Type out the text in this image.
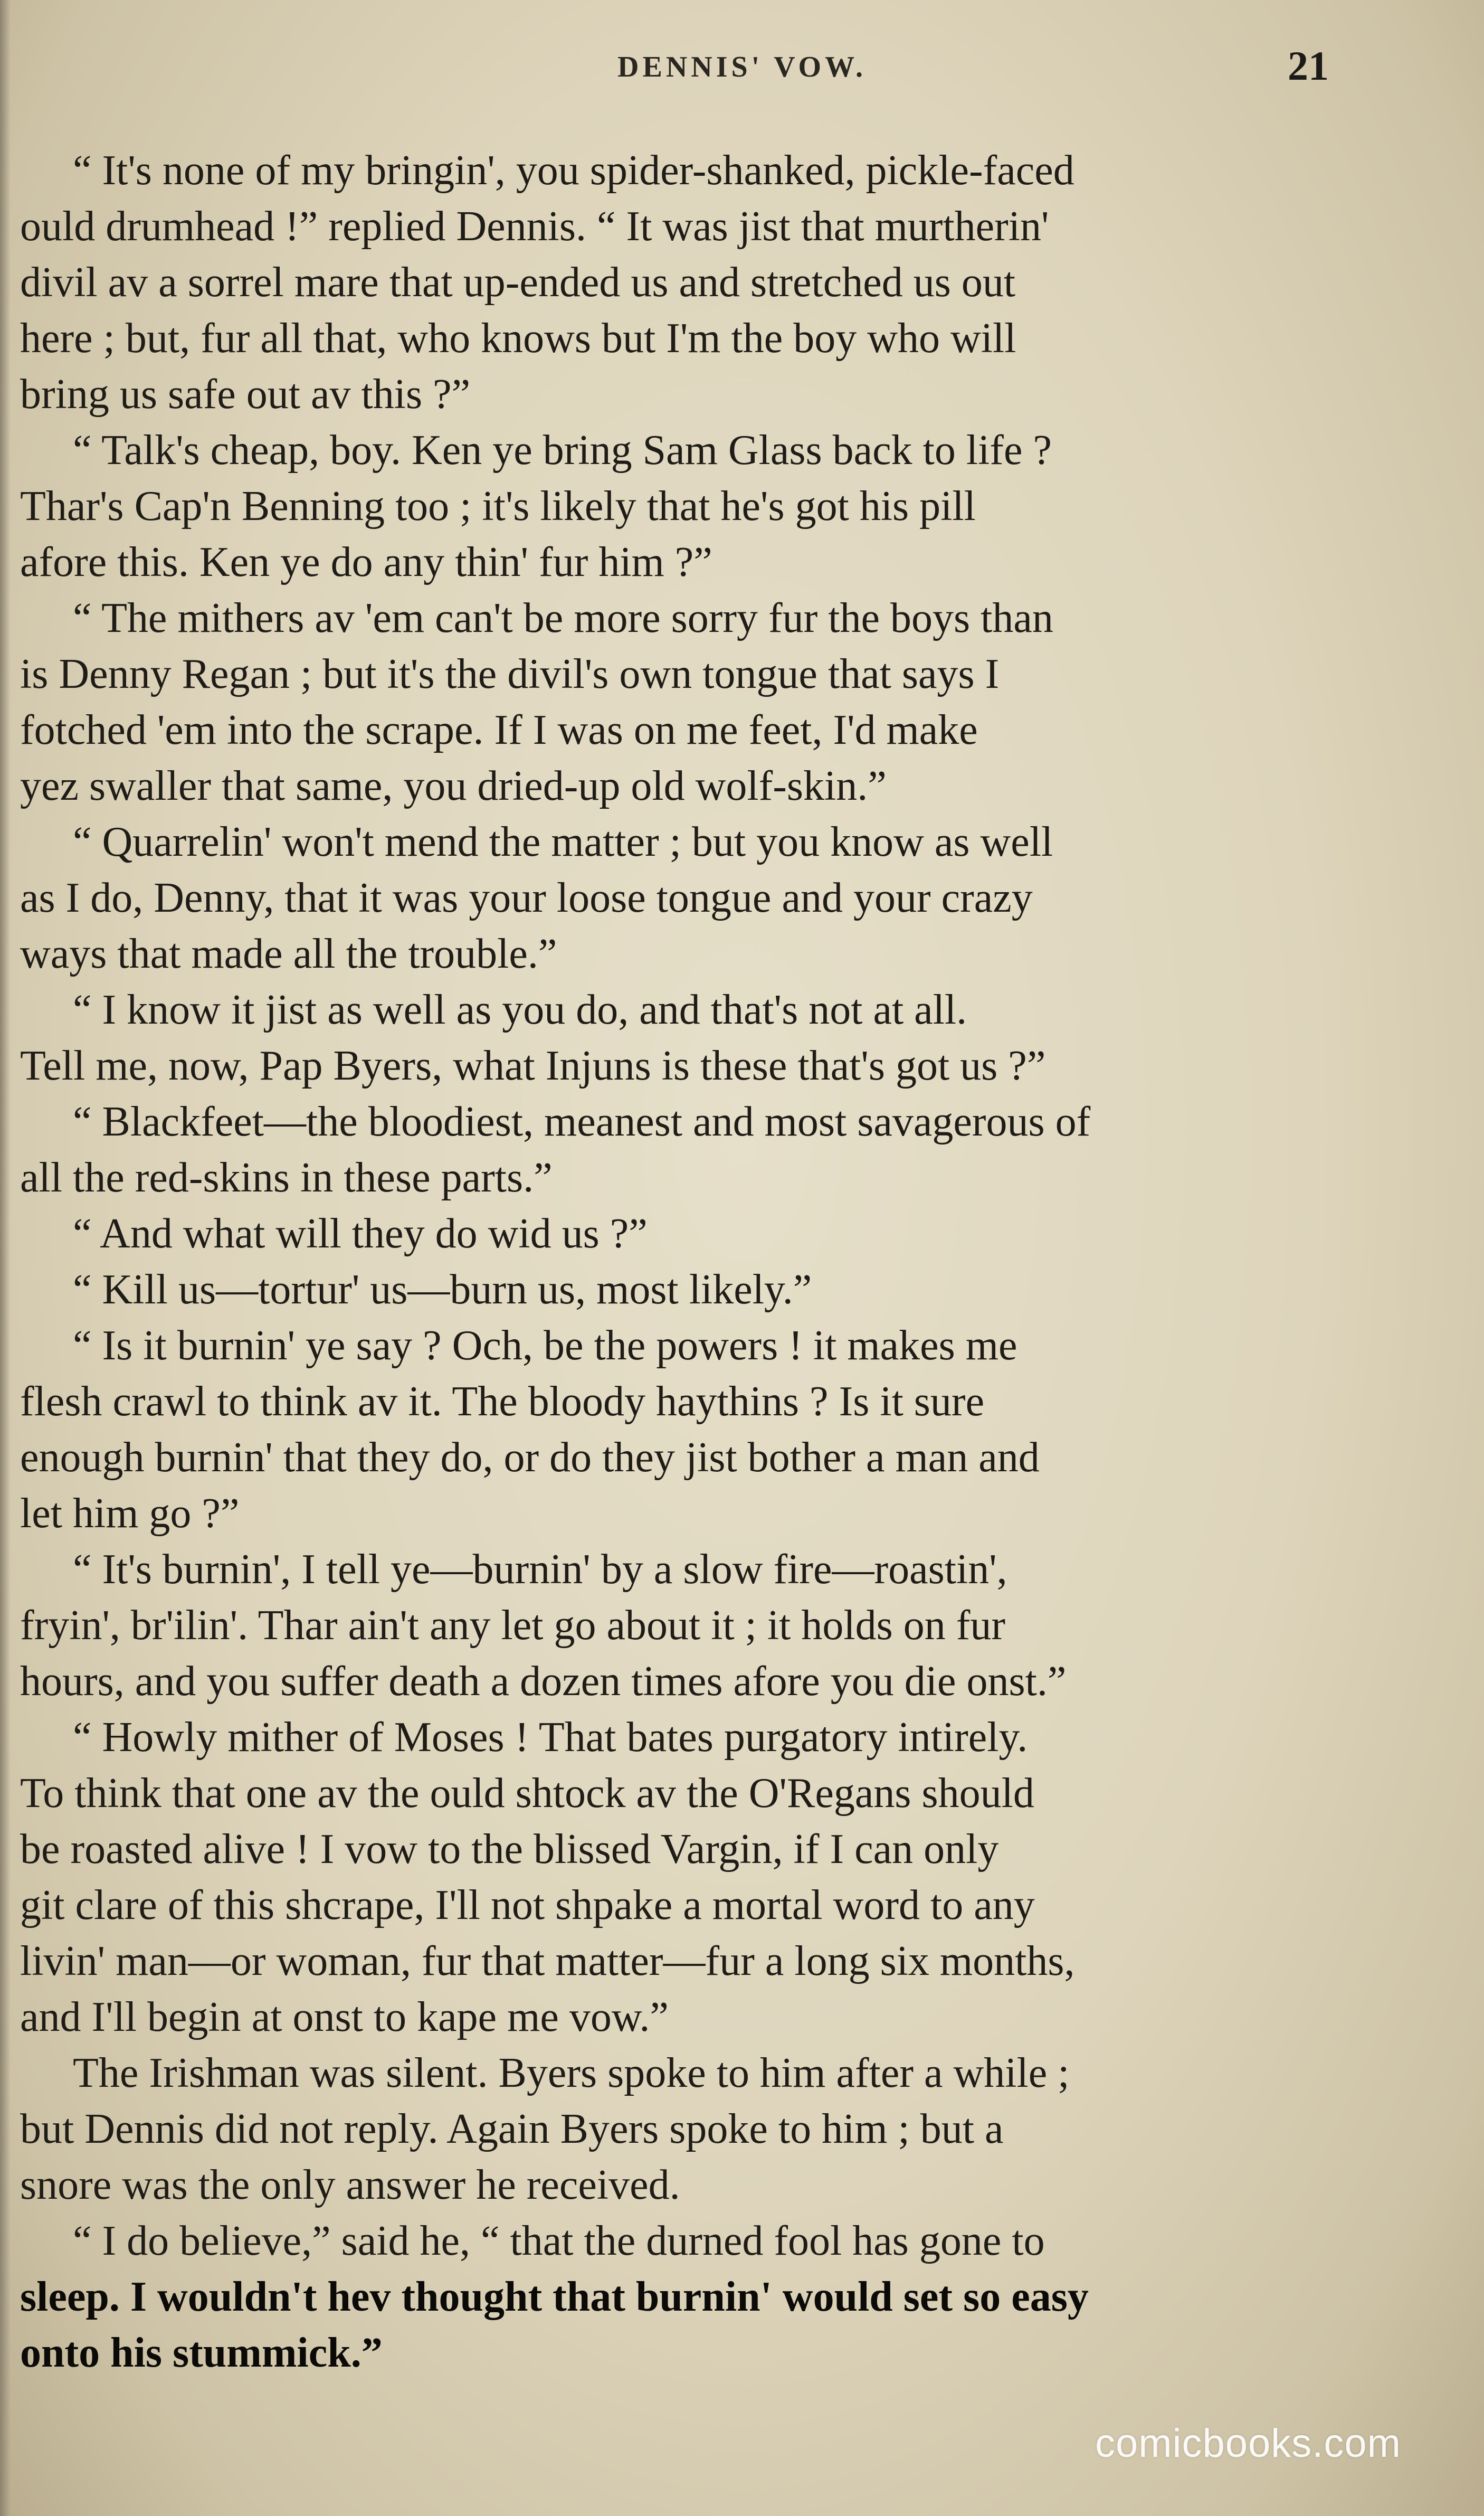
DENNIS' VOW.	21

“ It's none of my bringin', you spider-shanked, pickle-faced
ould drumhead !” replied Dennis. “ It was jist that murtherin'
divil av a sorrel mare that up-ended us and stretched us out
here ; but, fur all that, who knows but I'm the boy who will
bring us safe out av this ?”

“ Talk's cheap, boy. Ken ye bring Sam Glass back to life ?
Thar's Cap'n Benning too ; it's likely that he's got his pill
afore this. Ken ye do any thin' fur him ?”

“ The mithers av 'em can't be more sorry fur the boys than
is Denny Regan ; but it's the divil's own tongue that says I
fotched 'em into the scrape. If I was on me feet, I'd make
yez swaller that same, you dried-up old wolf-skin.”

“ Quarrelin' won't mend the matter ; but you know as well
as I do, Denny, that it was your loose tongue and your crazy
ways that made all the trouble.”

“ I know it jist as well as you do, and that's not at all.
Tell me, now, Pap Byers, what Injuns is these that's got us ?”

“ Blackfeet—the bloodiest, meanest and most savagerous of
all the red-skins in these parts.”

“ And what will they do wid us ?”

“ Kill us—tortur' us—burn us, most likely.”

“ Is it burnin' ye say ? Och, be the powers ! it makes me
flesh crawl to think av it. The bloody haythins ? Is it sure
enough burnin' that they do, or do they jist bother a man and
let him go ?”

“ It's burnin', I tell ye—burnin' by a slow fire—roastin',
fryin', br'ilin'. Thar ain't any let go about it ; it holds on fur
hours, and you suffer death a dozen times afore you die onst.”

“ Howly mither of Moses ! That bates purgatory intirely.
To think that one av the ould shtock av the O'Regans should
be roasted alive ! I vow to the blissed Vargin, if I can only
git clare of this shcrape, I'll not shpake a mortal word to any
livin' man—or woman, fur that matter—fur a long six months,
and I'll begin at onst to kape me vow.”

The Irishman was silent. Byers spoke to him after a while ;
but Dennis did not reply. Again Byers spoke to him ; but a
snore was the only answer he received.

“ I do believe,” said he, “ that the durned fool has gone to
sleep. I wouldn't hev thought that burnin' would set so easy
onto his stummick.”

comicbooks.com
